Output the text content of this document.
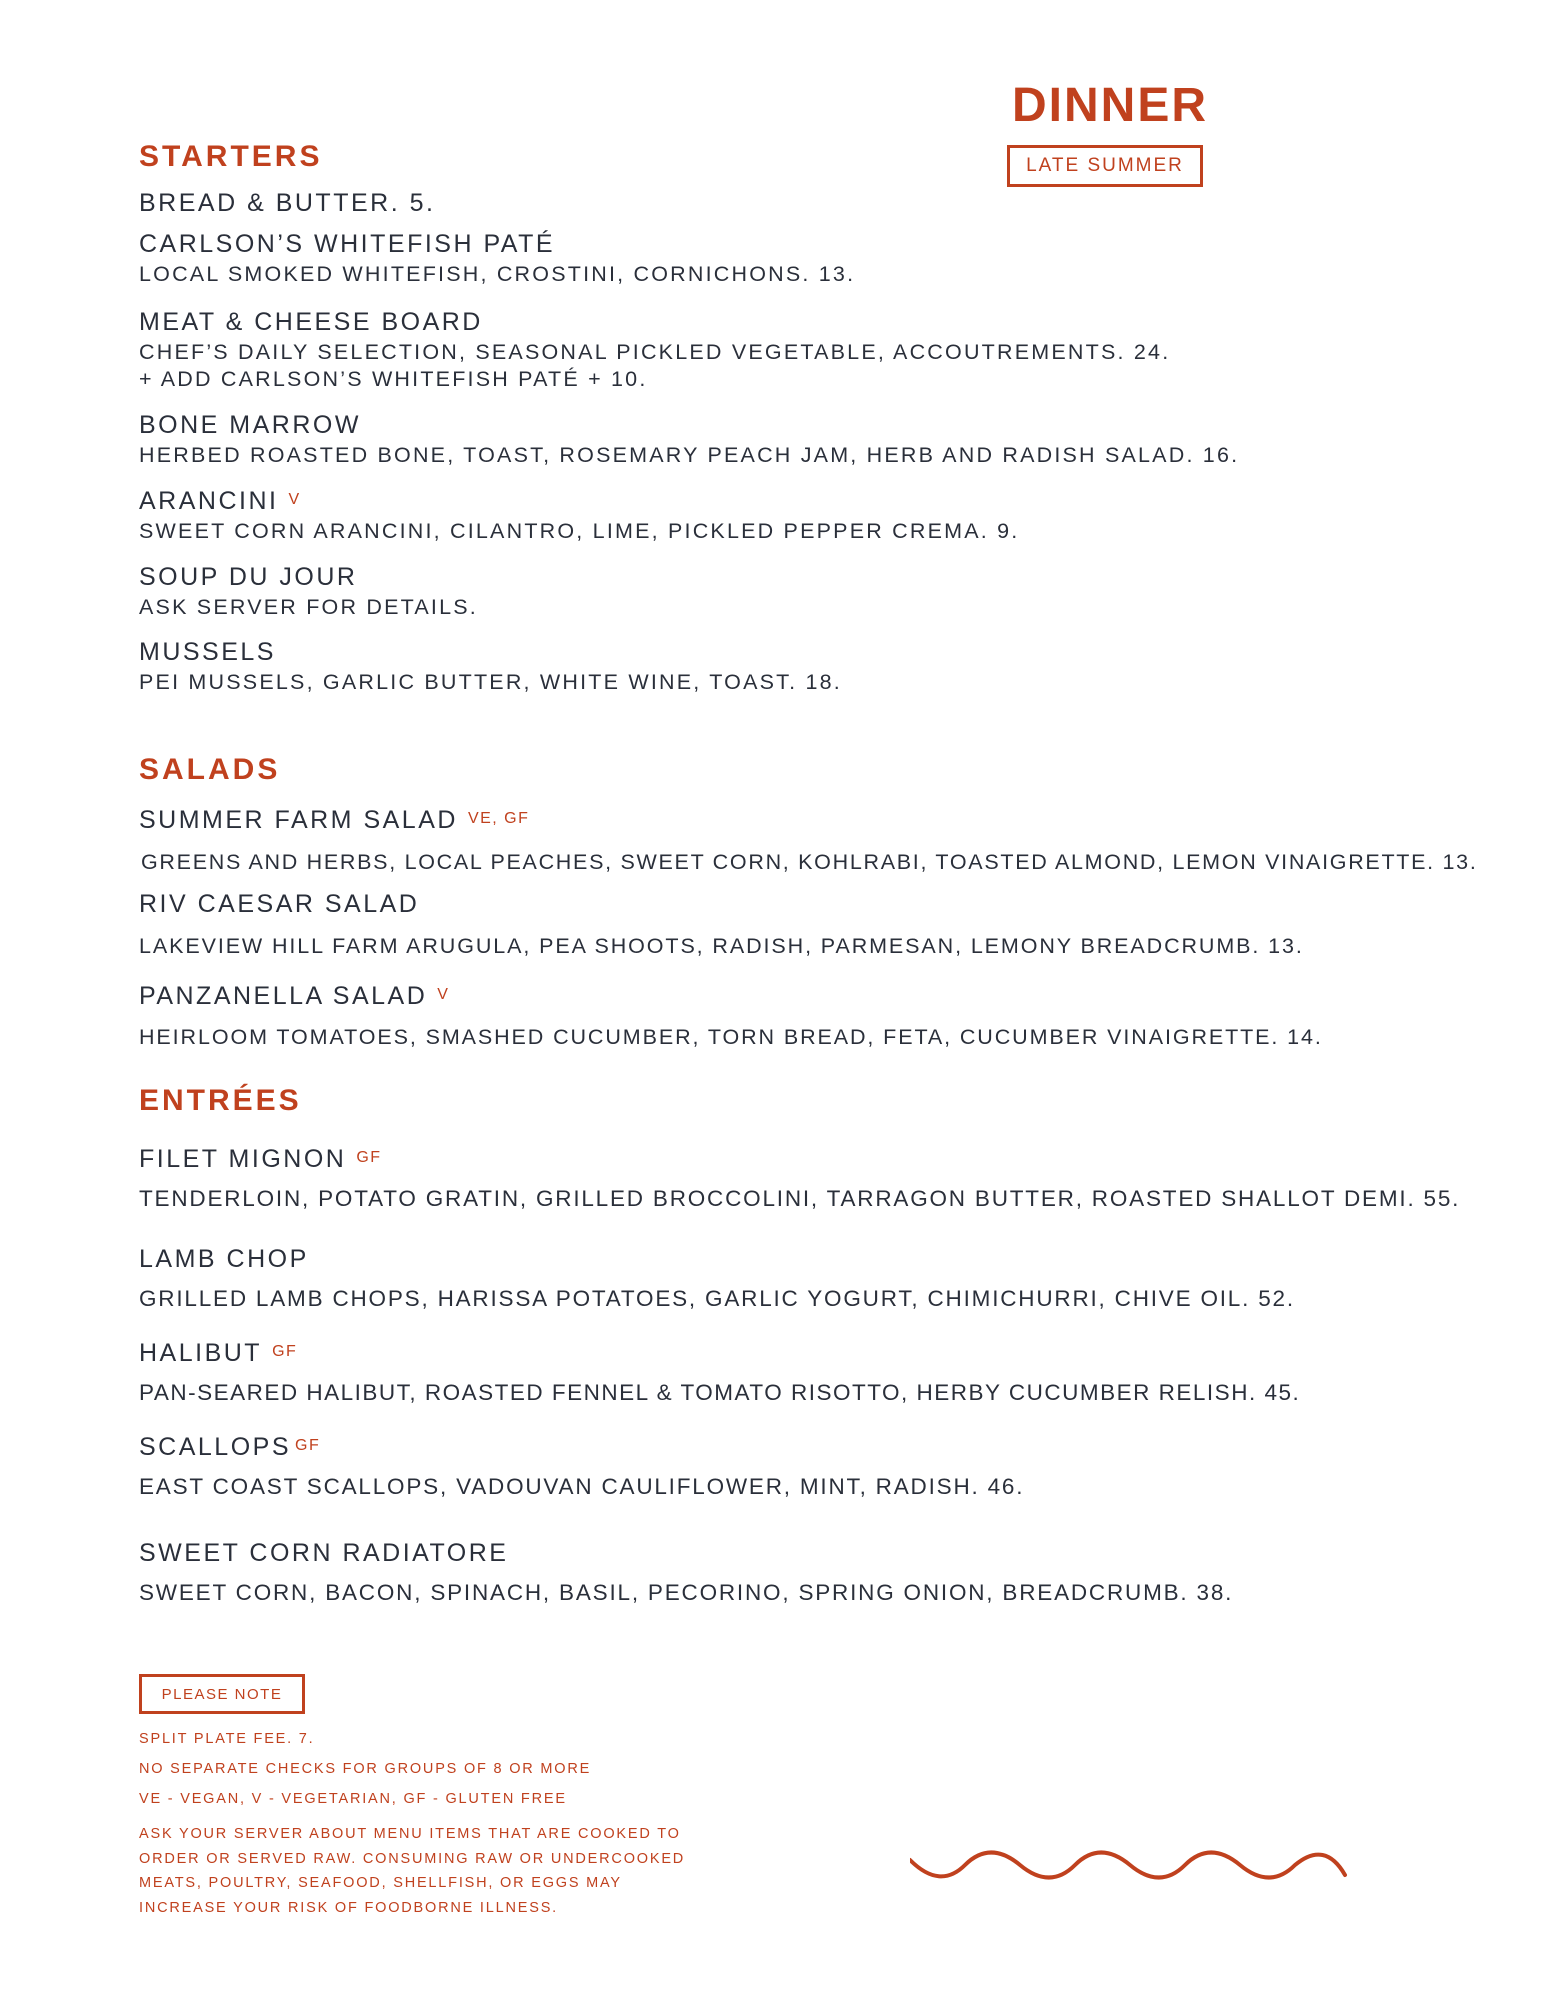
DINNER
LATE SUMMER
STARTERS
BREAD & BUTTER. 5.
CARLSON’S WHITEFISH PATÉ
LOCAL SMOKED WHITEFISH, CROSTINI, CORNICHONS. 13.
MEAT & CHEESE BOARD
CHEF’S DAILY SELECTION, SEASONAL PICKLED VEGETABLE, ACCOUTREMENTS. 24.
+ ADD CARLSON’S WHITEFISH PATÉ + 10.
BONE MARROW
HERBED ROASTED BONE, TOAST, ROSEMARY PEACH JAM, HERB AND RADISH SALAD. 16.
ARANCINI $^V$
SWEET CORN ARANCINI, CILANTRO, LIME, PICKLED PEPPER CREMA. 9.
SOUP DU JOUR
ASK SERVER FOR DETAILS.
MUSSELS
PEI MUSSELS, GARLIC BUTTER, WHITE WINE, TOAST. 18.
SALADS
SUMMER FARM SALAD $^{VE, GF}$
GREENS AND HERBS, LOCAL PEACHES, SWEET CORN, KOHLRABI, TOASTED ALMOND, LEMON VINAIGRETTE. 13.
RIV CAESAR SALAD
LAKEVIEW HILL FARM ARUGULA, PEA SHOOTS, RADISH, PARMESAN, LEMONY BREADCRUMB. 13.
PANZANELLA SALAD $^V$
HEIRLOOM TOMATOES, SMASHED CUCUMBER, TORN BREAD, FETA, CUCUMBER VINAIGRETTE. 14.
ENTRÉES
FILET MIGNON $^{GF}$
TENDERLOIN, POTATO GRATIN, GRILLED BROCCOLINI, TARRAGON BUTTER, ROASTED SHALLOT DEMI. 55.
LAMB CHOP
GRILLED LAMB CHOPS, HARISSA POTATOES, GARLIC YOGURT, CHIMICHURRI, CHIVE OIL. 52.
HALIBUT $^{GF}$
PAN-SEARED HALIBUT, ROASTED FENNEL & TOMATO RISOTTO, HERBY CUCUMBER RELISH. 45.
SCALLOPS $^{GF}$
EAST COAST SCALLOPS, VADOUVAN CAULIFLOWER, MINT, RADISH. 46.
SWEET CORN RADIATORE
SWEET CORN, BACON, SPINACH, BASIL, PECORINO, SPRING ONION, BREADCRUMB. 38.
PLEASE NOTE
SPLIT PLATE FEE. 7.
NO SEPARATE CHECKS FOR GROUPS OF 8 OR MORE
VE - VEGAN, V - VEGETARIAN, GF - GLUTEN FREE
ASK YOUR SERVER ABOUT MENU ITEMS THAT ARE COOKED TO
ORDER OR SERVED RAW. CONSUMING RAW OR UNDERCOOKED
MEATS, POULTRY, SEAFOOD, SHELLFISH, OR EGGS MAY
INCREASE YOUR RISK OF FOODBORNE ILLNESS.
